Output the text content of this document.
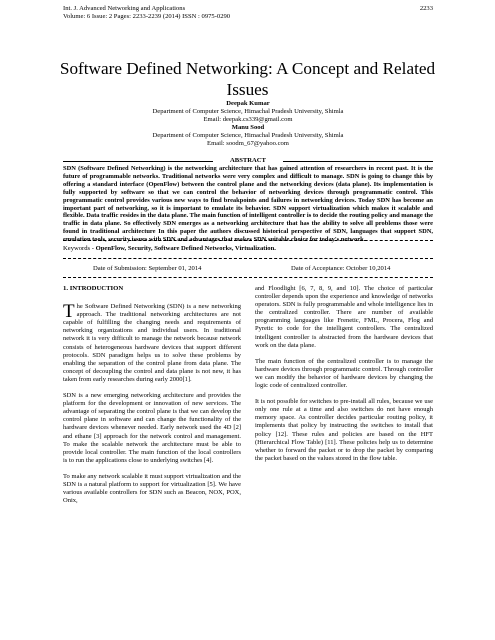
Int. J. Advanced Networking and Applications
Volume: 6 Issue: 2 Pages: 2233-2239 (2014) ISSN : 0975-0290
2233
Software Defined Networking: A Concept and Related Issues
Deepak Kumar
Department of Computer Science, Himachal Pradesh University, Shimla
Email: deepak.cs339@gmail.com
Manu Sood
Department of Computer Science, Himachal Pradesh University, Shimla
Email: soodm_67@yahoo.com
ABSTRACT
SDN (Software Defined Networking) is the networking architecture that has gained attention of researchers in recent past. It is the future of programmable networks. Traditional networks were very complex and difficult to manage. SDN is going to change this by offering a standard interface (OpenFlow) between the control plane and the networking devices (data plane). Its implementation is fully supported by software so that we can control the behavior of networking devices through programmatic control. This programmatic control provides various new ways to find breakpoints and failures in networking devices. Today SDN has become an important part of networking, so it is important to emulate its behavior. SDN support virtualization which makes it scalable and flexible. Data traffic resides in the data plane. The main function of intelligent controller is to decide the routing policy and manage the traffic in data plane. So effectively SDN emerges as a networking architecture that has the ability to solve all problems those were found in traditional architecture In this paper the authors discussed historical perspective of SDN, languages that support SDN, emulation tools, security issues with SDN and advantages that makes SDN suitable choice for today's network.
Keywords - OpenFlow, Security, Software Defined Networks, Virtualization.
Date of Submission: September 01, 2014	Date of Acceptance: October 10,2014
1. INTRODUCTION

The Software Defined Networking (SDN) is a new networking approach. The traditional networking architectures are not capable of fulfilling the changing needs and requirements of networking organizations and individual users. In traditional network it is very difficult to manage the network because network consists of heterogeneous hardware devices that support different protocols. SDN paradigm helps us to solve these problems by enabling the separation of the control plane from data plane. The concept of decoupling the control and data plane is not new, it has taken from early researches during early 2000[1].

SDN is a new emerging networking architecture and provides the platform for the development or innovation of new services. The advantage of separating the control plane is that we can develop the control plane in software and can change the functionality of the hardware devices whenever needed. Early network used the 4D [2] and ethane [3] approach for the network control and management. To make the scalable network the architecture must be able to provide local controller. The main function of the local controllers is to run the applications close to underlying switches [4].

To make any network scalable it must support virtualization and the SDN is a natural platform to support for virtualization [5]. We have various available controllers for SDN such as Beacon, NOX, POX, Onix,

and Floodlight [6, 7, 8, 9, and 10]. The choice of particular controller depends upon the experience and knowledge of networks operators. SDN is fully programmable and whole intelligence lies in the centralized controller. There are number of available programming languages like Frenetic, FML, Procera, Flog and Pyretic to code for the intelligent controllers. The centralized intelligent controller is abstracted from the hardware devices that work on the data plane.

The main function of the centralized controller is to manage the hardware devices through programmatic control. Through controller we can modify the behavior of hardware devices by changing the logic code of centralized controller.

It is not possible for switches to pre-install all rules, because we use only one rule at a time and also switches do not have enough memory space. As controller decides particular routing policy, it implements that policy by instructing the switches to install that policy [12]. These rules and policies are based on the HFT (Hierarchical Flow Table) [11]. These policies help us to determine whether to forward the packet or to drop the packet by comparing the packet based on the values stored in the flow table.
